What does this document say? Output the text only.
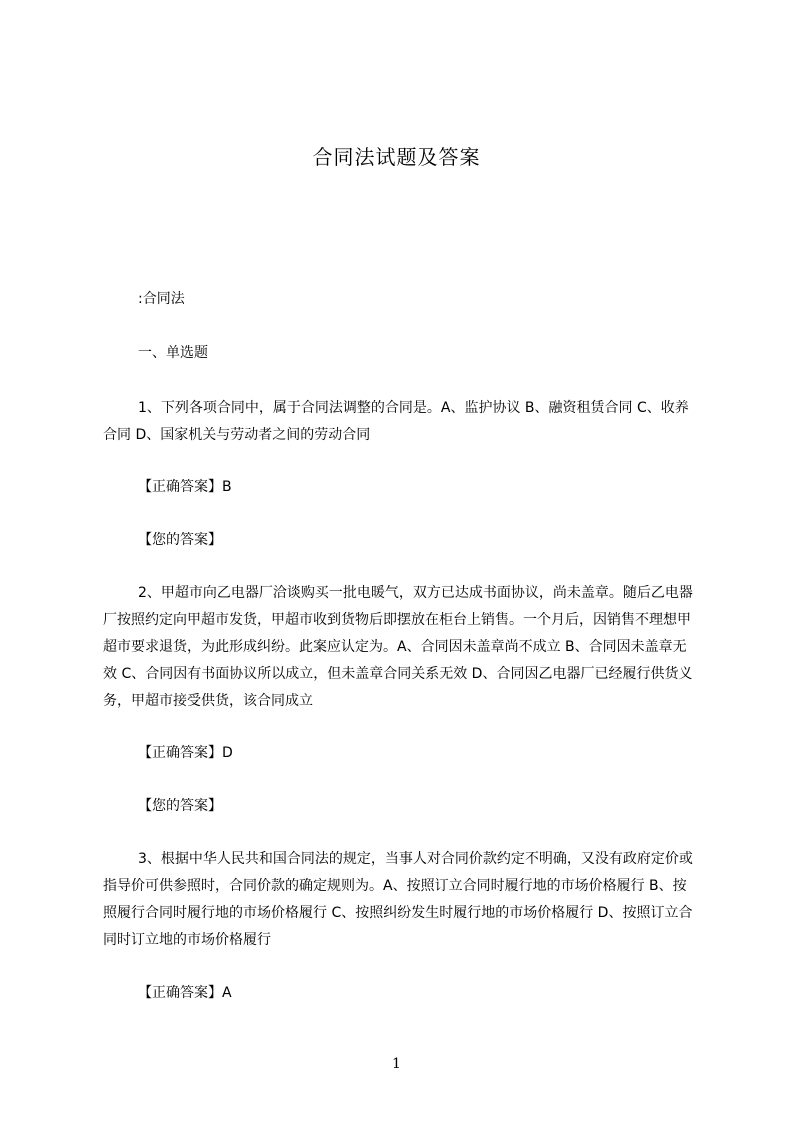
合同法试题及答案
:合同法
一、单选题
1、下列各项合同中，属于合同法调整的合同是。A、监护协议 B、融资租赁合同 C、收养合同 D、国家机关与劳动者之间的劳动合同
【正确答案】B
【您的答案】
2、甲超市向乙电器厂洽谈购买一批电暖气，双方已达成书面协议，尚未盖章。随后乙电器厂按照约定向甲超市发货，甲超市收到货物后即摆放在柜台上销售。一个月后，因销售不理想甲超市要求退货，为此形成纠纷。此案应认定为。A、合同因未盖章尚不成立 B、合同因未盖章无效 C、合同因有书面协议所以成立，但未盖章合同关系无效 D、合同因乙电器厂已经履行供货义务，甲超市接受供货，该合同成立
【正确答案】D
【您的答案】
3、根据中华人民共和国合同法的规定，当事人对合同价款约定不明确，又没有政府定价或指导价可供参照时，合同价款的确定规则为。A、按照订立合同时履行地的市场价格履行 B、按照履行合同时履行地的市场价格履行 C、按照纠纷发生时履行地的市场价格履行 D、按照订立合同时订立地的市场价格履行
【正确答案】A
1
